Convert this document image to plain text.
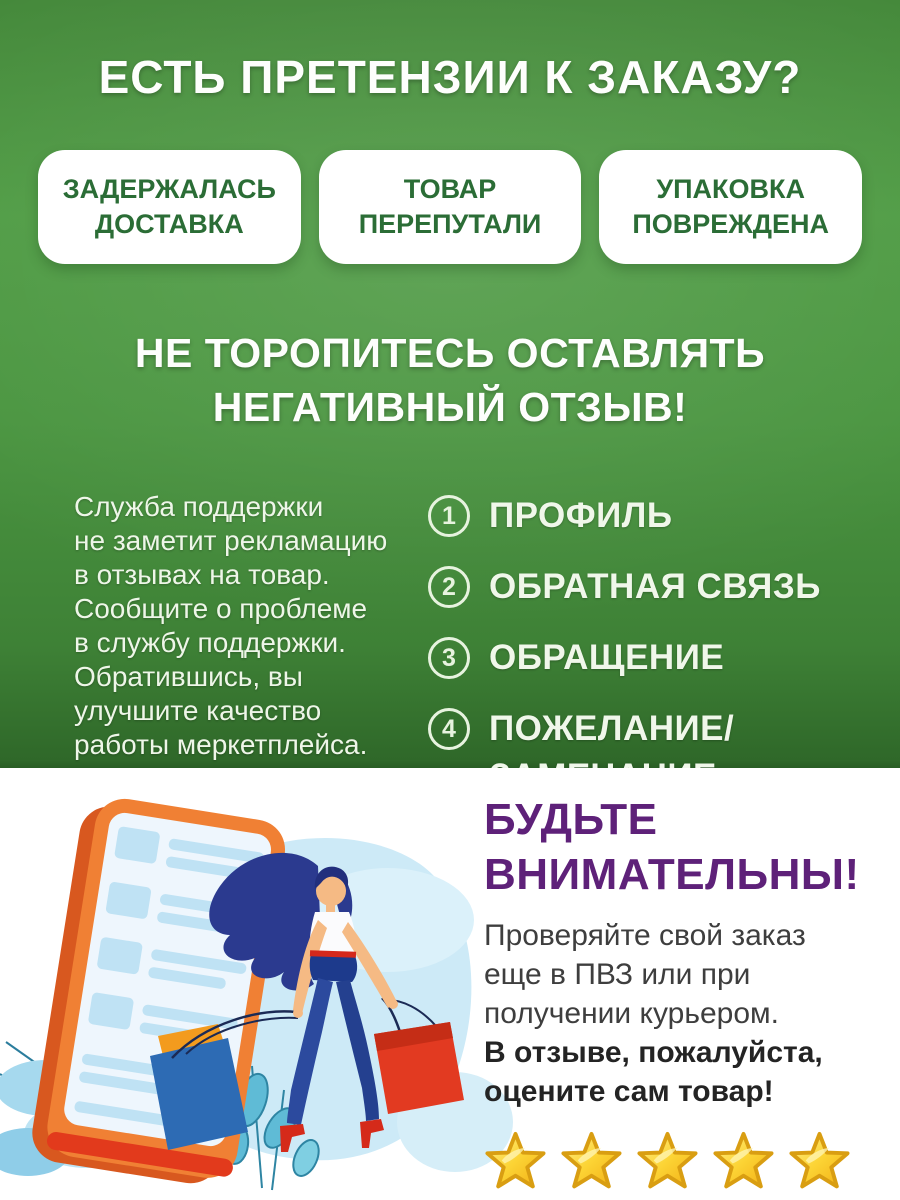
ЕСТЬ ПРЕТЕНЗИИ К ЗАКАЗУ?
ЗАДЕРЖАЛАСЬ
ДОСТАВКА
ТОВАР
ПЕРЕПУТАЛИ
УПАКОВКА
ПОВРЕЖДЕНА
НЕ ТОРОПИТЕСЬ ОСТАВЛЯТЬ
НЕГАТИВНЫЙ ОТЗЫВ!
Служба поддержки
не заметит рекламацию
в отзывах на товар.
Сообщите о проблеме
в службу поддержки.
Обратившись, вы
улучшите качество
работы меркетплейса.
1 ПРОФИЛЬ
2 ОБРАТНАЯ СВЯЗЬ
3 ОБРАЩЕНИЕ
4 ПОЖЕЛАНИЕ/
БУДЬТЕ
ВНИМАТЕЛЬНЫ!
Проверяйте свой заказ
еще в ПВЗ или при
получении курьером.
В отзыве, пожалуйста,
оцените сам товар!
